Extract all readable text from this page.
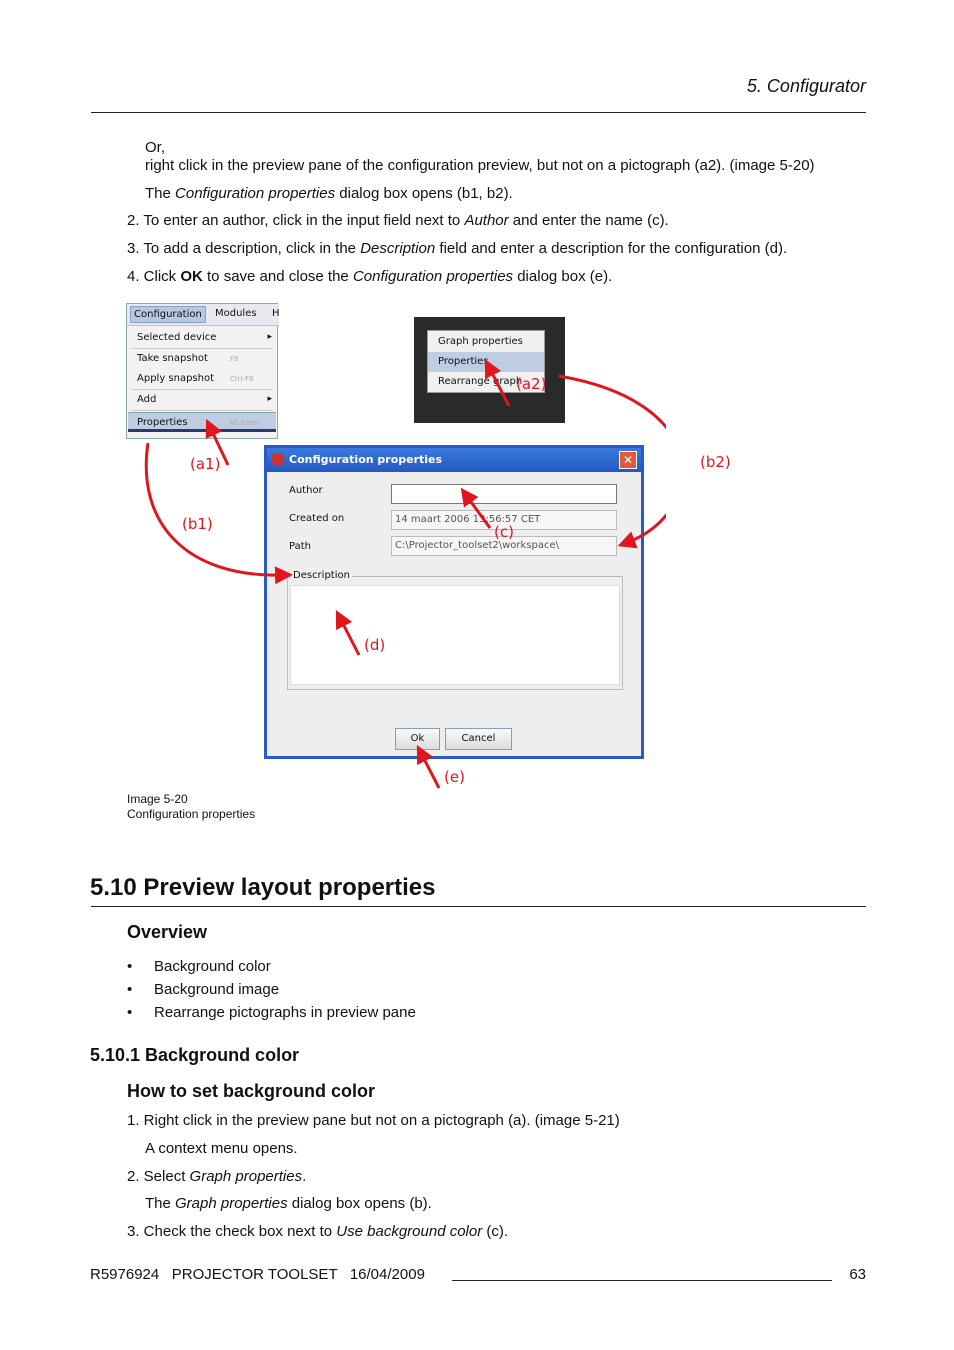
5. Configurator
Or,
right click in the preview pane of the configuration preview, but not on a pictograph (a2). (image 5-20)
The Configuration properties dialog box opens (b1, b2).
2. To enter an author, click in the input field next to Author and enter the name (c).
3. To add a description, click in the Description field and enter a description for the configuration (d).
4. Click OK to save and close the Configuration properties dialog box (e).
Configuration	Modules H
Selected device	▸
Take snapshot	F8
Apply snapshot Ctrl-F8
Add	▸
Properties	Alt-Enter
Graph properties
Properties
Rearrange graph
Configuration properties	✕
Author
Created on	14 maart 2006 13:56:57 CET
Path	C:\Projector_toolset2\workspace\
Description
Ok	Cancel
(a1)
(a2)
(b1)
(b2)
(c)
(d)
(e)
Image 5-20
Configuration properties
5.10 Preview layout properties
Overview
• Background color
• Background image
• Rearrange pictographs in preview pane
5.10.1 Background color
How to set background color
1. Right click in the preview pane but not on a pictograph (a). (image 5-21)
A context menu opens.
2. Select Graph properties.
The Graph properties dialog box opens (b).
3. Check the check box next to Use background color (c).
R5976924   PROJECTOR TOOLSET   16/04/2009	63
